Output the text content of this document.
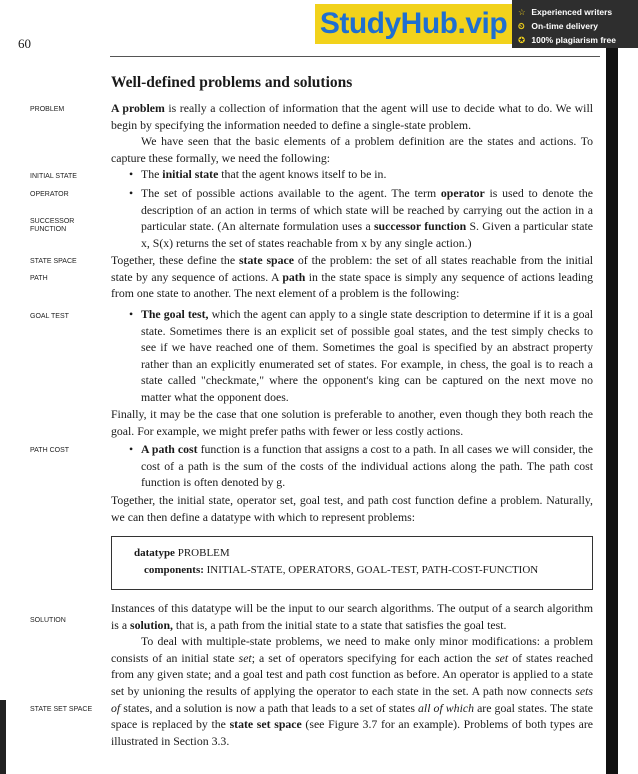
StudyHub.vip	☆ Experienced writers
⏲ On-time delivery
✪ 100% plagiarism free
60
Well-defined problems and solutions
PROBLEM
INITIAL STATE
OPERATOR
SUCCESSOR FUNCTION
STATE SPACE
PATH
GOAL TEST
PATH COST
SOLUTION
STATE SET SPACE

A problem is really a collection of information that the agent will use to decide what to do. We will begin by specifying the information needed to define a single-state problem.

We have seen that the basic elements of a problem definition are the states and actions. To capture these formally, we need the following:

• The initial state that the agent knows itself to be in.
• The set of possible actions available to the agent. The term operator is used to denote the description of an action in terms of which state will be reached by carrying out the action in a particular state. (An alternate formulation uses a successor function S. Given a particular state x, S(x) returns the set of states reachable from x by any single action.)

Together, these define the state space of the problem: the set of all states reachable from the initial state by any sequence of actions. A path in the state space is simply any sequence of actions leading from one state to another. The next element of a problem is the following:

• The goal test, which the agent can apply to a single state description to determine if it is a goal state. Sometimes there is an explicit set of possible goal states, and the test simply checks to see if we have reached one of them. Sometimes the goal is specified by an abstract property rather than an explicitly enumerated set of states. For example, in chess, the goal is to reach a state called "checkmate," where the opponent's king can be captured on the next move no matter what the opponent does.

Finally, it may be the case that one solution is preferable to another, even though they both reach the goal. For example, we might prefer paths with fewer or less costly actions.

• A path cost function is a function that assigns a cost to a path. In all cases we will consider, the cost of a path is the sum of the costs of the individual actions along the path. The path cost function is often denoted by g.

Together, the initial state, operator set, goal test, and path cost function define a problem. Naturally, we can then define a datatype with which to represent problems:

datatype PROBLEM
components: INITIAL-STATE, OPERATORS, GOAL-TEST, PATH-COST-FUNCTION

Instances of this datatype will be the input to our search algorithms. The output of a search algorithm is a solution, that is, a path from the initial state to a state that satisfies the goal test.

To deal with multiple-state problems, we need to make only minor modifications: a problem consists of an initial state set; a set of operators specifying for each action the set of states reached from any given state; and a goal test and path cost function as before. An operator is applied to a state set by unioning the results of applying the operator to each state in the set. A path now connects sets of states, and a solution is now a path that leads to a set of states all of which are goal states. The state space is replaced by the state set space (see Figure 3.7 for an example). Problems of both types are illustrated in Section 3.3.
